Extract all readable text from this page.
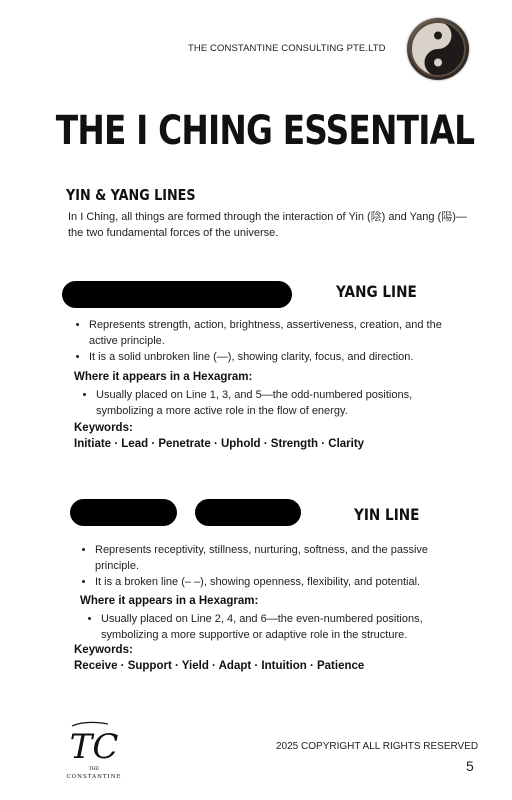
THE CONSTANTINE CONSULTING PTE.LTD
THE I CHING ESSENTIAL
YIN & YANG LINES
In I Ching, all things are formed through the interaction of Yin (陰) and Yang (陽)—the two fundamental forces of the universe.
YANG LINE
• Represents strength, action, brightness, assertiveness, creation, and the active principle.
• It is a solid unbroken line (—), showing clarity, focus, and direction.
Where it appears in a Hexagram:
• Usually placed on Line 1, 3, and 5—the odd-numbered positions, symbolizing a more active role in the flow of energy.
Keywords:
Initiate · Lead · Penetrate · Uphold · Strength · Clarity
YIN LINE
• Represents receptivity, stillness, nurturing, softness, and the passive principle.
• It is a broken line (– –), showing openness, flexibility, and potential.
Where it appears in a Hexagram:
• Usually placed on Line 2, 4, and 6—the even-numbered positions, symbolizing a more supportive or adaptive role in the structure.
Keywords:
Receive · Support · Yield · Adapt · Intuition · Patience
TC
THE
CONSTANTINE
2025 COPYRIGHT ALL RIGHTS RESERVED
5
